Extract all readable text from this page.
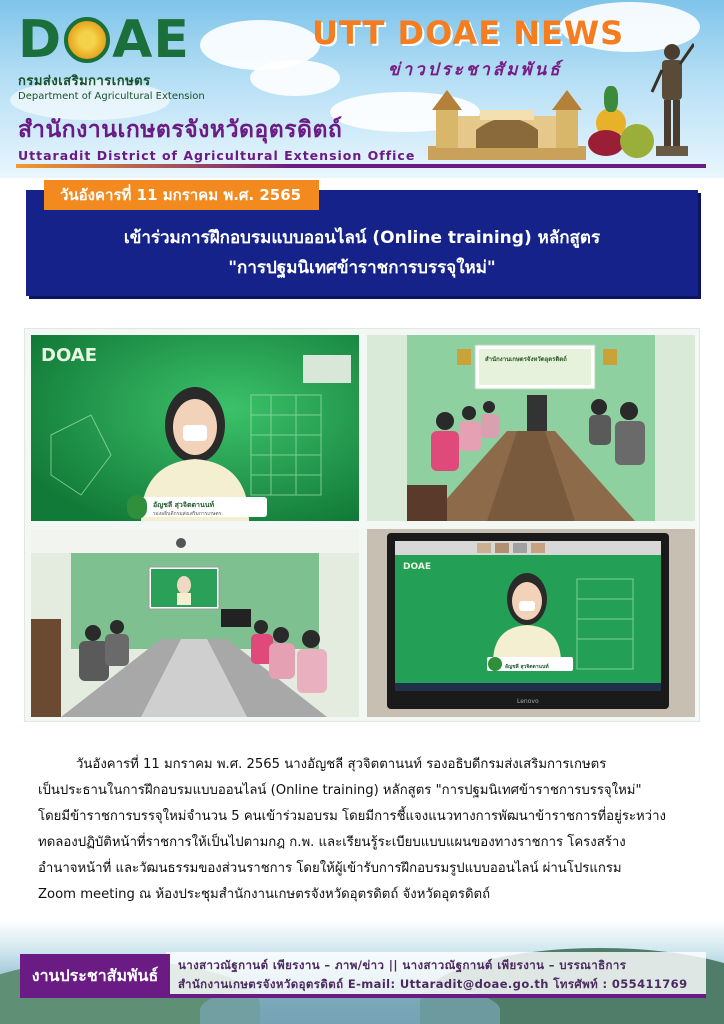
D AE
กรมส่งเสริมการเกษตร
Department of Agricultural Extension
UTT DOAE NEWS
ข่าวประชาสัมพันธ์
สำนักงานเกษตรจังหวัดอุตรดิตถ์
Uttaradit District of Agricultural Extension Office
วันอังคารที่ 11 มกราคม พ.ศ. 2565
เข้าร่วมการฝึกอบรมแบบออนไลน์ (Online training) หลักสูตร
"การปฐมนิเทศข้าราชการบรรจุใหม่"
DOAE
อัญชลี สุวจิตตานนท์
รองอธิบดีกรมส่งเสริมการเกษตร
สำนักงานเกษตรจังหวัดอุตรดิตถ์
DOAE
อัญชลี สุวจิตตานนท์
Lenovo
วันอังคารที่ 11 มกราคม พ.ศ. 2565 นางอัญชลี สุวจิตตานนท์ รองอธิบดีกรมส่งเสริมการเกษตร
เป็นประธานในการฝึกอบรมแบบออนไลน์ (Online training) หลักสูตร "การปฐมนิเทศข้าราชการบรรจุใหม่"
โดยมีข้าราชการบรรจุใหม่จำนวน 5 คนเข้าร่วมอบรม โดยมีการชี้แจงแนวทางการพัฒนาข้าราชการที่อยู่ระหว่าง
ทดลองปฏิบัติหน้าที่ราชการให้เป็นไปตามกฎ ก.พ. และเรียนรู้ระเบียบแบบแผนของทางราชการ โครงสร้าง
อำนาจหน้าที่ และวัฒนธรรมของส่วนราชการ โดยให้ผู้เข้ารับการฝึกอบรมรูปแบบออนไลน์ ผ่านโปรแกรม
Zoom meeting ณ ห้องประชุมสำนักงานเกษตรจังหวัดอุตรดิตถ์ จังหวัดอุตรดิตถ์
งานประชาสัมพันธ์
นางสาวณัฐกานต์ เพียรงาน – ภาพ/ข่าว || นางสาวณัฐกานต์ เพียรงาน – บรรณาธิการ
สำนักงานเกษตรจังหวัดอุตรดิตถ์ E-mail: Uttaradit@doae.go.th โทรศัพท์ : 055411769
